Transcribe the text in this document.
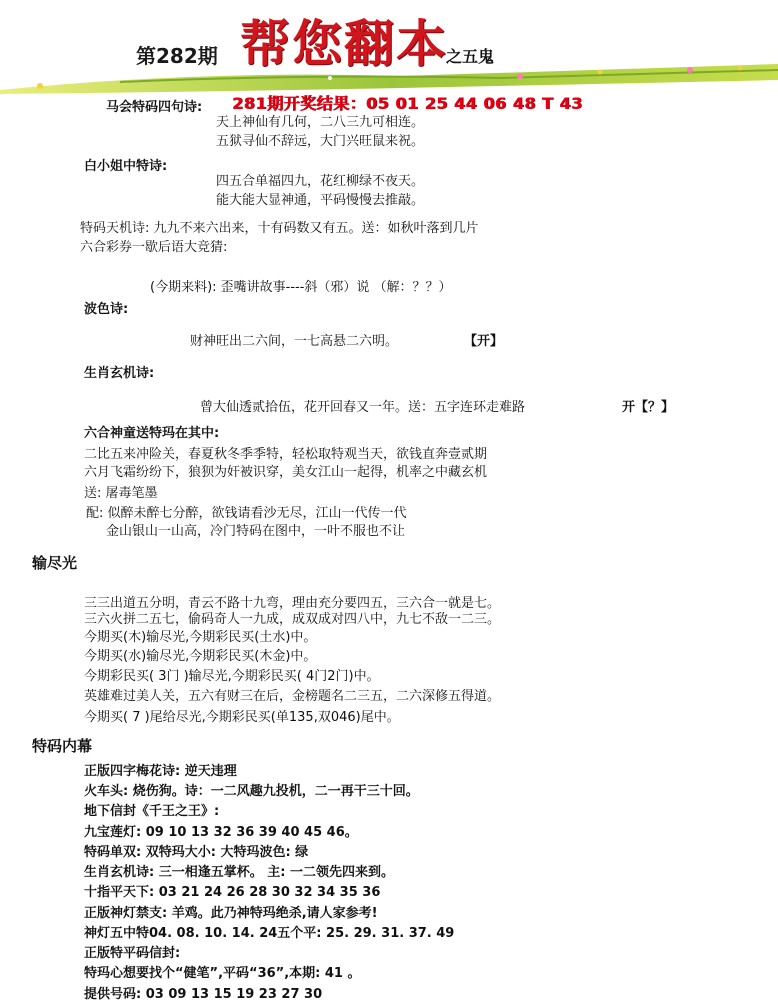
第282期 帮您翻本
之五鬼
马会特码四句诗: 281期开奖结果：05 01 25 44 06 48 T 43
天上神仙有几何，二八三九可相连。
五狱寻仙不辞远，大门兴旺鼠来祝。
白小姐中特诗:
四五合单福四九，花红柳绿不夜天。
能大能大显神通，平码慢慢去推敲。
特码天机诗: 九九不来六出来，十有码数又有五。送：如秋叶落到几片
六合彩券一歇后语大竞猜:
(今期来料): 歪嘴讲故事----斜（邪）说 （解：？？）
波色诗:
财神旺出二六间，一七高悬二六明。	【开】
生肖玄机诗:
曾大仙透贰拾伍，花开回春又一年。送：五字连环走难路	开【？】
六合神童送特玛在其中:
二比五来冲险关，春夏秋冬季季特，轻松取特观当天，欲钱直奔壹贰期
六月飞霜纷纷下，狼狈为奸被识穿，美女江山一起得，机率之中藏玄机
送: 屠毒笔墨
配: 似醉未醉七分醉，欲钱请看沙无尽，江山一代传一代
金山银山一山高，冷门特码在图中，一叶不服也不让
输尽光
三三出道五分明，青云不路十九弯，理由充分要四五，三六合一就是七。
三六火拼二五七，偷码奇人一九成，成双成对四八中，九七不敌一二三。
今期买(木)输尽光,今期彩民买(土水)中。
今期买(水)输尽光,今期彩民买(木金)中。
今期彩民买( 3门 )输尽光,今期彩民买( 4门2门)中。
英雄难过美人关，五六有财三在后，金榜题名二三五，二六深修五得道。
今期买( 7 )尾给尽光,今期彩民买(单135,双046)尾中。
特码内幕
正版四字梅花诗: 逆天违理
火车头: 烧伤狗。诗：一二风趣九投机，二一再干三十回。
地下信封《千王之王》:
九宝莲灯: 09 10 13 32 36 39 40 45 46。
特码单双: 双特玛大小: 大特玛波色: 绿
生肖玄机诗: 三一相逢五掌杯。 主: 一二领先四来到。
十指平天下: 03 21 24 26 28 30 32 34 35 36
正版神灯禁支: 羊鸡。此乃神特玛绝杀,请人家参考!
神灯五中特04. 08. 10. 14. 24五个平: 25. 29. 31. 37. 49
正版特平码信封:
特玛心想要找个“健笔”,平码“36”,本期: 41 。
提供号码: 03 09 13 15 19 23 27 30
